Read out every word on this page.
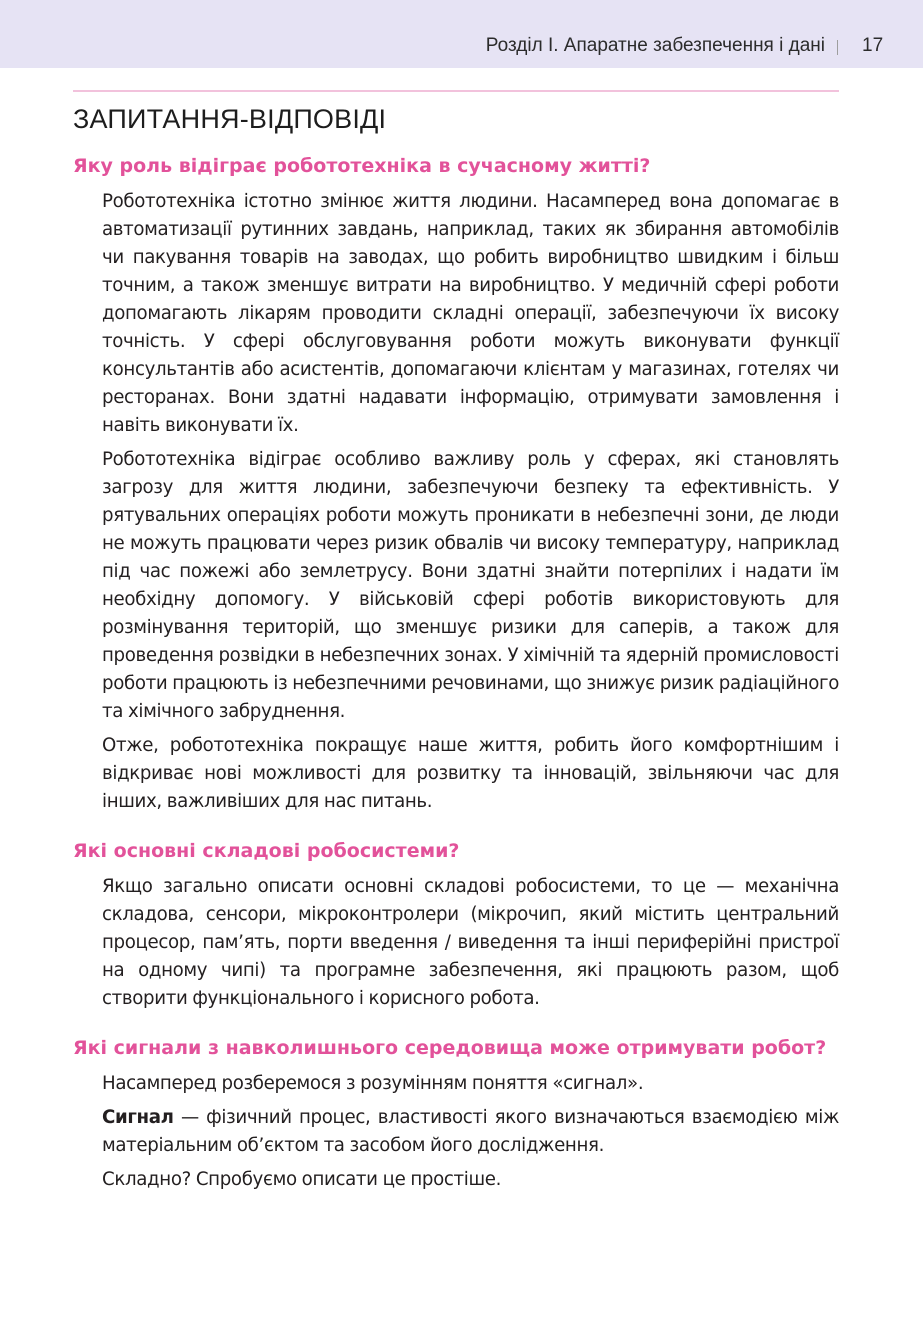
Розділ I. Апаратне забезпечення і дані 17
ЗАПИТАННЯ-ВІДПОВІДІ
Яку роль відіграє робототехніка в сучасному житті?

Робототехніка істотно змінює життя людини. Насамперед вона допомагає в автоматизації рутинних завдань, наприклад, таких як збирання автомобілів чи пакування товарів на заводах, що робить виробництво швидким і більш точним, а також зменшує витрати на виробництво. У медичній сфері роботи допомагають лікарям проводити складні операції, забезпечуючи їх високу точність. У сфері обслуговування роботи можуть виконувати функції консультантів або асистентів, допомагаючи клієнтам у магазинах, готелях чи ресторанах. Вони здатні надавати інформацію, отримувати замовлення і навіть виконувати їх.

Робототехніка відіграє особливо важливу роль у сферах, які становлять загрозу для життя людини, забезпечуючи безпеку та ефективність. У рятувальних операціях роботи можуть проникати в небезпечні зони, де люди не можуть працювати через ризик обвалів чи високу температуру, наприклад під час пожежі або землетрусу. Вони здатні знайти потерпілих і надати їм необхідну допомогу. У військовій сфері роботів використовують для розмінування територій, що зменшує ризики для саперів, а також для проведення розвідки в небезпечних зонах. У хімічній та ядерній промисловості роботи працюють із небезпечними речовинами, що знижує ризик радіаційного та хімічного забруднення.

Отже, робототехніка покращує наше життя, робить його комфортнішим і відкриває нові можливості для розвитку та інновацій, звільняючи час для інших, важливіших для нас питань.

Які основні складові робосистеми?

Якщо загально описати основні складові робосистеми, то це — механічна складова, сенсори, мікроконтролери (мікрочип, який містить центральний процесор, пам’ять, порти введення / виведення та інші периферійні пристрої на одному чипі) та програмне забезпечення, які працюють разом, щоб створити функціонального і корисного робота.

Які сигнали з навколишнього середовища може отримувати робот?

Насамперед розберемося з розумінням поняття «сигнал».

Сигнал — фізичний процес, властивості якого визначаються взаємодією між матеріальним об’єктом та засобом його дослідження.

Складно? Спробуємо описати це простіше.
